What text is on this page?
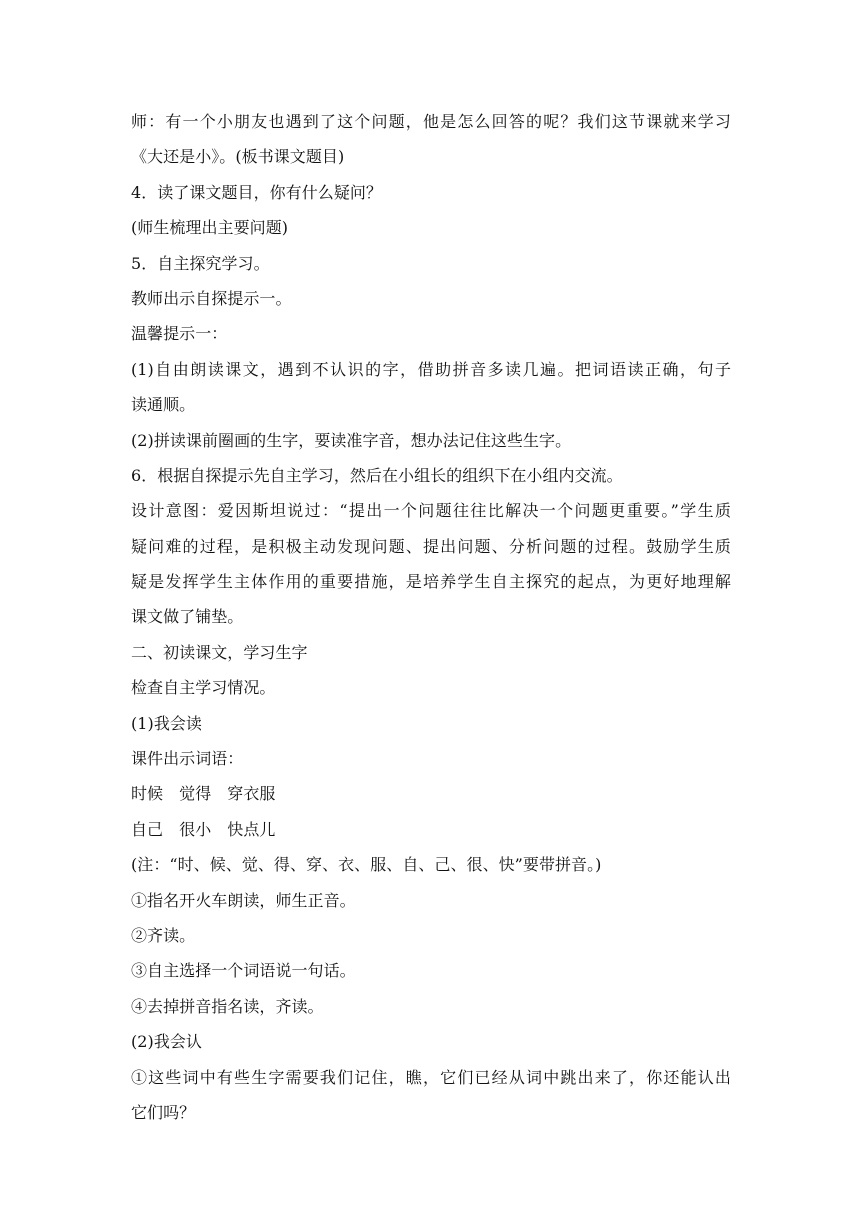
师：有一个小朋友也遇到了这个问题，他是怎么回答的呢？我们这节课就来学习
《大还是小》。(板书课文题目)
4．读了课文题目，你有什么疑问？
(师生梳理出主要问题)
5．自主探究学习。
教师出示自探提示一。
温馨提示一：
(1)自由朗读课文，遇到不认识的字，借助拼音多读几遍。把词语读正确，句子
读通顺。
(2)拼读课前圈画的生字，要读准字音，想办法记住这些生字。
6．根据自探提示先自主学习，然后在小组长的组织下在小组内交流。
设计意图：爱因斯坦说过：“提出一个问题往往比解决一个问题更重要。”学生质
疑问难的过程，是积极主动发现问题、提出问题、分析问题的过程。鼓励学生质
疑是发挥学生主体作用的重要措施，是培养学生自主探究的起点，为更好地理解
课文做了铺垫。
二、初读课文，学习生字
检查自主学习情况。
(1)我会读
课件出示词语：
时候　觉得　穿衣服
自己　很小　快点儿
(注：“时、候、觉、得、穿、衣、服、自、己、很、快”要带拼音。)
①指名开火车朗读，师生正音。
②齐读。
③自主选择一个词语说一句话。
④去掉拼音指名读，齐读。
(2)我会认
①这些词中有些生字需要我们记住，瞧，它们已经从词中跳出来了，你还能认出
它们吗？
